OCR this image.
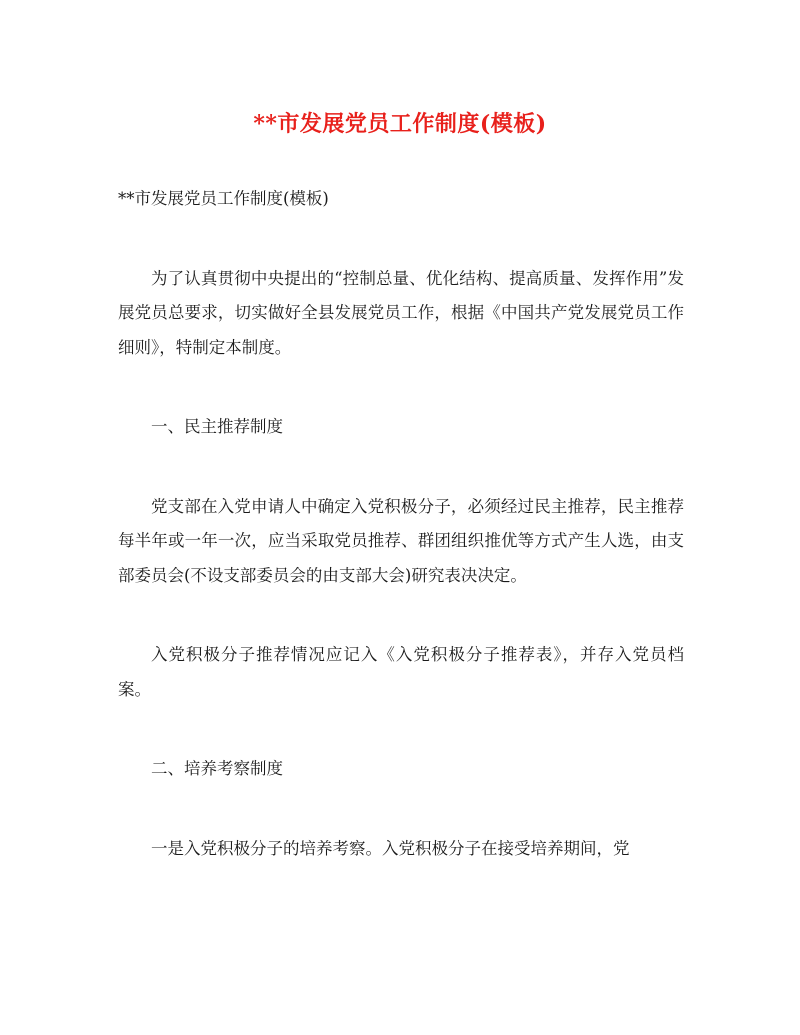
**市发展党员工作制度(模板)

**市发展党员工作制度(模板)

为了认真贯彻中央提出的“控制总量、优化结构、提高质量、发挥作用”发展党员总要求，切实做好全县发展党员工作，根据《中国共产党发展党员工作细则》，特制定本制度。

一、民主推荐制度

党支部在入党申请人中确定入党积极分子，必须经过民主推荐，民主推荐每半年或一年一次，应当采取党员推荐、群团组织推优等方式产生人选，由支部委员会(不设支部委员会的由支部大会)研究表决决定。

入党积极分子推荐情况应记入《入党积极分子推荐表》，并存入党员档案。

二、培养考察制度

一是入党积极分子的培养考察。入党积极分子在接受培养期间，党
